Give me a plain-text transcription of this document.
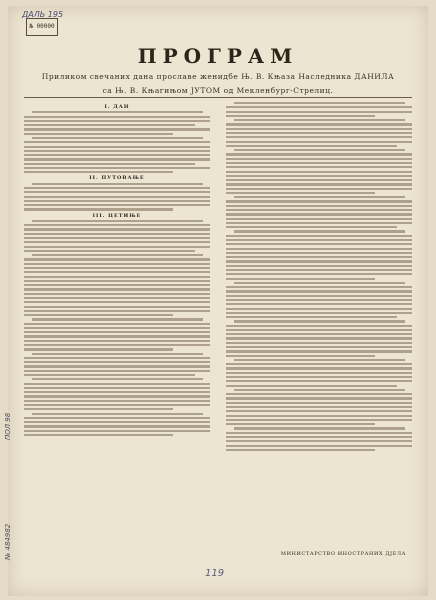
ДАЛЬ 195
№ 00000
ПРОГРАМ
Приликом свечаних дана прославе женидбе Њ. В. Књаза Наследника ДАНИЛА
са Њ. В. Књагињом ЈУТОМ од Мекленбург-Стрелиц.
I. ДАН
II. ПУТОВАЊЕ
III. ЦЕТИЊЕ
МИНИСТАРСТВО ИНОСТРАНИХ ДЈЕЛА
119
ПОЛ 98
№ 484982
